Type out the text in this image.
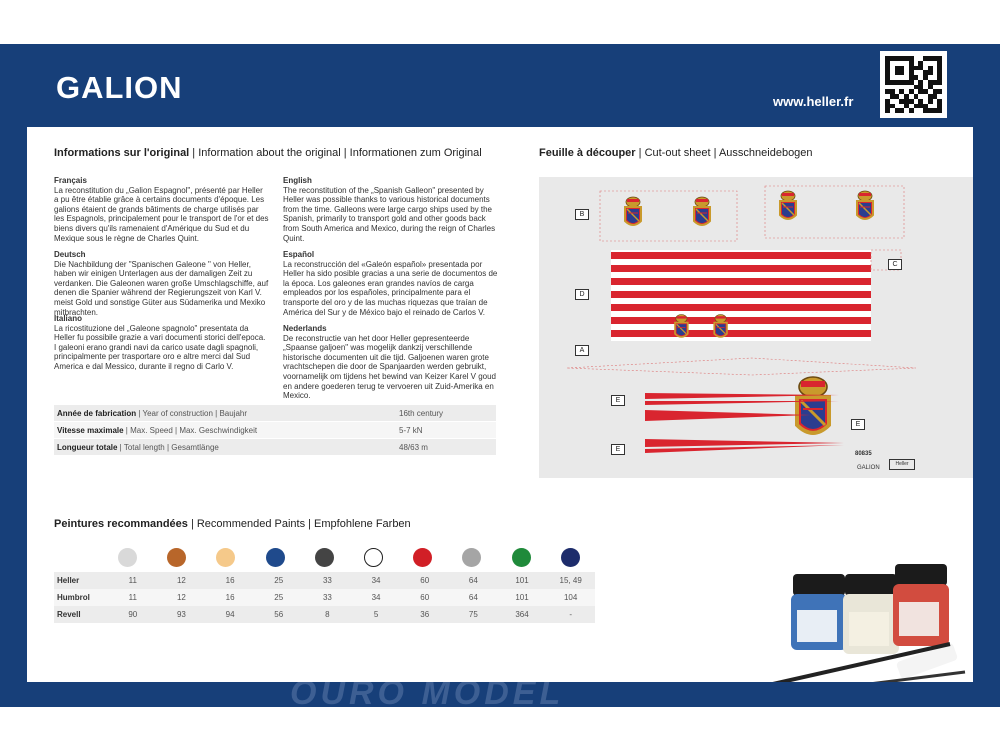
GALION	www.heller.fr
Informations sur l'original | Information about the original | Informationen zum Original
Français
La reconstitution du „Galion Espagnol", présenté par Heller a pu être établie grâce à certains documents d'époque. Les galions étaient de grands bâtiments de charge utilisés par les Espagnols, principalement pour le transport de l'or et des biens divers qu'ils ramenaient d'Amérique du Sud et du Mexique sous le règne de Charles Quint.
Deutsch
Die Nachbildung der "Spanischen Galeone " von Heller, haben wir einigen Unterlagen aus der damaligen Zeit zu verdanken. Die Galeonen waren große Umschlagschiffe, auf denen die Spanier während der Regierungszeit von Karl V. meist Gold und sonstige Güter aus Südamerika und Mexiko mitbrachten.
Italiano
La ricostituzione del „Galeone spagnolo" presentata da Heller fu possibile grazie a vari documenti storici dell'epoca. I galeoni erano grandi navi da carico usate dagli spagnoli, principalmente per trasportare oro e altre merci dal Sud America e dal Messico, durante il regno di Carlo V.
English
The reconstitution of the „Spanish Galleon" presented by Heller was possible thanks to various historical documents from the time. Galleons were large cargo ships used by the Spanish, primarily to transport gold and other goods back from South America and Mexico, during the reign of Charles Quint.
Español
La reconstrucción del «Galeón español» presentada por Heller ha sido posible gracias a una serie de documentos de la época. Los galeones eran grandes navíos de carga empleados por los españoles, principalmente para el transporte del oro y de las muchas riquezas que traían de América del Sur y de México bajo el reinado de Carlos V.
Nederlands
De reconstructie van het door Heller gepresenteerde „Spaanse galjoen" was mogelijk dankzij verschillende historische documenten uit die tijd. Galjoenen waren grote vrachtschepen die door de Spanjaarden werden gebruikt, voornamelijk om tijdens het bewind van Keizer Karel V goud en andere goederen terug te vervoeren uit Zuid-Amerika en Mexico.
Année de fabrication | Year of construction | Baujahr	16th century
Vitesse maximale | Max. Speed | Max. Geschwindigkeit	5-7 kN
Longueur totale | Total length | Gesamtlänge	48/63 m
Feuille à découper | Cut-out sheet | Ausschneidebogen
B
C
D
A
E
E
E
80835
GALION
Heller
Peintures recommandées | Recommended Paints | Empfohlene Farben
Heller	11	12	16	25	33	34	60	64	101	15, 49
Humbrol	11	12	16	25	33	34	60	64	101	104
Revell	90	93	94	56	8	5	36	75	364	-
OURO MODEL
